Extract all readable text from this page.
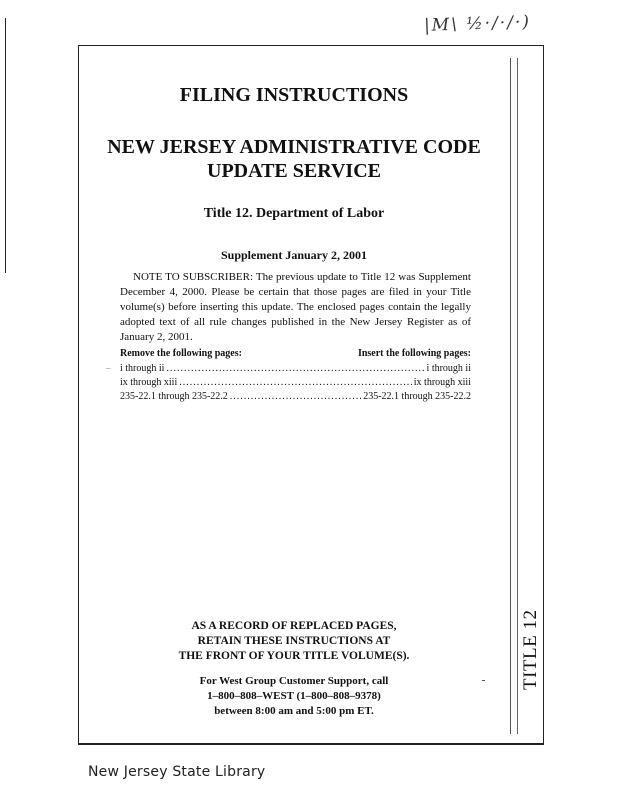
|M\ ½·/·/·)
TITLE 12
FILING INSTRUCTIONS
NEW JERSEY ADMINISTRATIVE CODE
UPDATE SERVICE
Title 12. Department of Labor
Supplement January 2, 2001
NOTE TO SUBSCRIBER: The previous update to Title 12 was Supplement December 4, 2000. Please be certain that those pages are filed in your Title volume(s) before inserting this update. The enclosed pages contain the legally adopted text of all rule changes published in the New Jersey Register as of January 2, 2001.
Remove the following pages:	Insert the following pages:
– i through ii .....	i through ii
ix through xiii .....	ix through xiii
235-22.1 through 235-22.2 .....	235-22.1 through 235-22.2
AS A RECORD OF REPLACED PAGES,
RETAIN THESE INSTRUCTIONS AT
THE FRONT OF YOUR TITLE VOLUME(S).
For West Group Customer Support, call
1–800–808–WEST (1–800–808–9378)
between 8:00 am and 5:00 pm ET.
New Jersey State Library
